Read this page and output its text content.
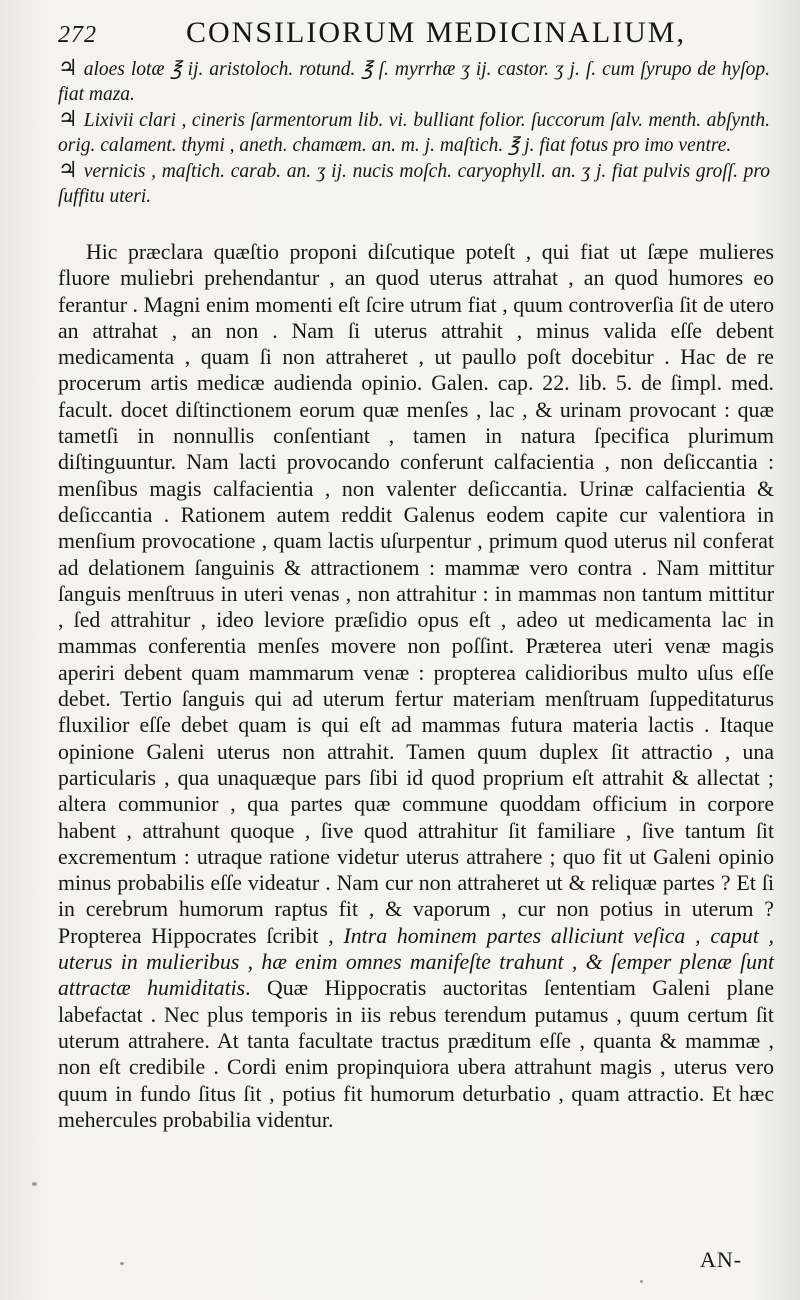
272	CONSILIORUM MEDICINALIUM,

♃ aloes lotæ ℥ ij. aristoloch. rotund. ℥ ſ. myrrhæ ʒ ij. castor. ʒ j. ſ. cum ſyrupo de hyſop. fiat maza.

♃ Lixivii clari , cineris ſarmentorum lib. vi. bulliant folior. ſuccorum ſalv. menth. abſynth. orig. calament. thymi , aneth. chamæm. an. m. j. maſtich. ℥ j. fiat fotus pro imo ventre.

♃ vernicis , maſtich. carab. an. ʒ ij. nucis moſch. caryophyll. an. ʒ j. fiat pulvis groſſ. pro ſuffitu uteri.

Hic præclara quæſtio proponi diſcutique poteſt , qui fiat ut ſæpe mulieres fluore muliebri prehendantur , an quod uterus attrahat , an quod humores eo ferantur . Magni enim momenti eſt ſcire utrum fiat , quum controverſia ſit de utero an attrahat , an non . Nam ſi uterus attrahit , minus valida eſſe debent medicamenta , quam ſi non attraheret , ut paullo poſt docebitur . Hac de re procerum artis medicæ audienda opinio. Galen. cap. 22. lib. 5. de ſimpl. med. facult. docet diſtinctionem eorum quæ menſes , lac , & urinam provocant : quæ tametſi in nonnullis conſentiant , tamen in natura ſpecifica plurimum diſtinguuntur. Nam lacti provocando conferunt calfacientia , non deſiccantia : menſibus magis calfacientia , non valenter deſiccantia. Urinæ calfacientia & deſiccantia . Rationem autem reddit Galenus eodem capite cur valentiora in menſium provocatione , quam lactis uſurpentur , primum quod uterus nil conferat ad delationem ſanguinis & attractionem : mammæ vero contra . Nam mittitur ſanguis menſtruus in uteri venas , non attrahitur : in mammas non tantum mittitur , ſed attrahitur , ideo leviore præſidio opus eſt , adeo ut medicamenta lac in mammas conferentia menſes movere non poſſint. Præterea uteri venæ magis aperiri debent quam mammarum venæ : propterea calidioribus multo uſus eſſe debet. Tertio ſanguis qui ad uterum fertur materiam menſtruam ſuppeditaturus fluxilior eſſe debet quam is qui eſt ad mammas futura materia lactis . Itaque opinione Galeni uterus non attrahit. Tamen quum duplex ſit attractio , una particularis , qua unaquæque pars ſibi id quod proprium eſt attrahit & allectat ; altera communior , qua partes quæ commune quoddam officium in corpore habent , attrahunt quoque , ſive quod attrahitur ſit familiare , ſive tantum ſit excrementum : utraque ratione videtur uterus attrahere ; quo fit ut Galeni opinio minus probabilis eſſe videatur . Nam cur non attraheret ut & reliquæ partes ? Et ſi in cerebrum humorum raptus fit , & vaporum , cur non potius in uterum ? Propterea Hippocrates ſcribit , Intra hominem partes alliciunt veſica , caput , uterus in mulieribus , hæ enim omnes manifeſte trahunt , & ſemper plenæ ſunt attractæ humiditatis. Quæ Hippocratis auctoritas ſententiam Galeni plane labefactat . Nec plus temporis in iis rebus terendum putamus , quum certum ſit uterum attrahere. At tanta facultate tractus præditum eſſe , quanta & mammæ , non eſt credibile . Cordi enim propinquiora ubera attrahunt magis , uterus vero quum in fundo ſitus ſit , potius fit humorum deturbatio , quam attractio. Et hæc mehercules probabilia videntur.

AN-
